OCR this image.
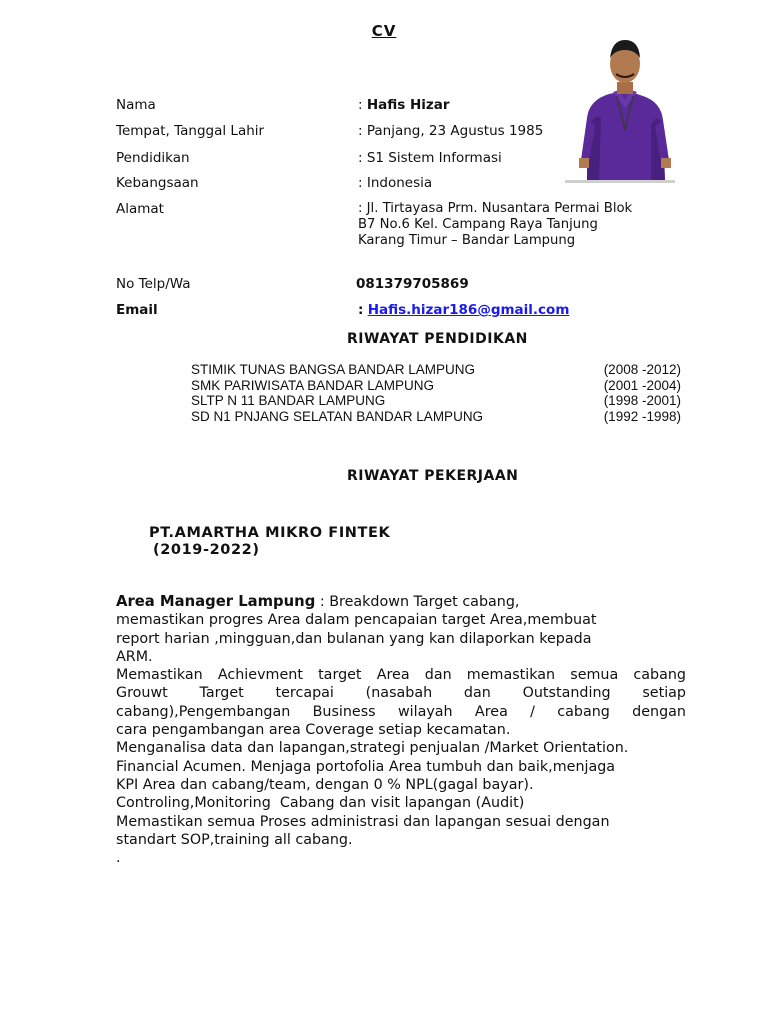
CV
Nama	: Hafis Hizar
Tempat, Tanggal Lahir	: Panjang, 23 Agustus 1985
Pendidikan	: S1 Sistem Informasi
Kebangsaan	: Indonesia
Alamat	: Jl. Tirtayasa Prm. Nusantara Permai Blok B7 No.6 Kel. Campang Raya Tanjung Karang Timur – Bandar Lampung
No Telp/Wa	081379705869
Email	: Hafis.hizar186@gmail.com
RIWAYAT PENDIDIKAN
STIMIK TUNAS BANGSA BANDAR LAMPUNG	(2008 -2012)
SMK PARIWISATA BANDAR LAMPUNG	(2001 -2004)
SLTP N 11 BANDAR LAMPUNG	(1998 -2001)
SD N1 PNJANG SELATAN BANDAR LAMPUNG	(1992 -1998)
RIWAYAT PEKERJAAN
PT.AMARTHA MIKRO FINTEK
(2019-2022)

Area Manager Lampung : Breakdown Target cabang,

memastikan progres Area dalam pencapaian target Area,membuat

report harian ,mingguan,dan bulanan yang kan dilaporkan kepada

ARM.

Memastikan Achievment target Area dan memastikan semua cabang

Grouwt Target tercapai (nasabah dan Outstanding setiap

cabang),Pengembangan Business wilayah Area / cabang dengan

cara pengambangan area Coverage setiap kecamatan.

Menganalisa data dan lapangan,strategi penjualan /Market Orientation.

Financial Acumen. Menjaga portofolia Area tumbuh dan baik,menjaga

KPI Area dan cabang/team, dengan 0 % NPL(gagal bayar).

Controling,Monitoring  Cabang dan visit lapangan (Audit)

Memastikan semua Proses administrasi dan lapangan sesuai dengan

standart SOP,training all cabang.

.
